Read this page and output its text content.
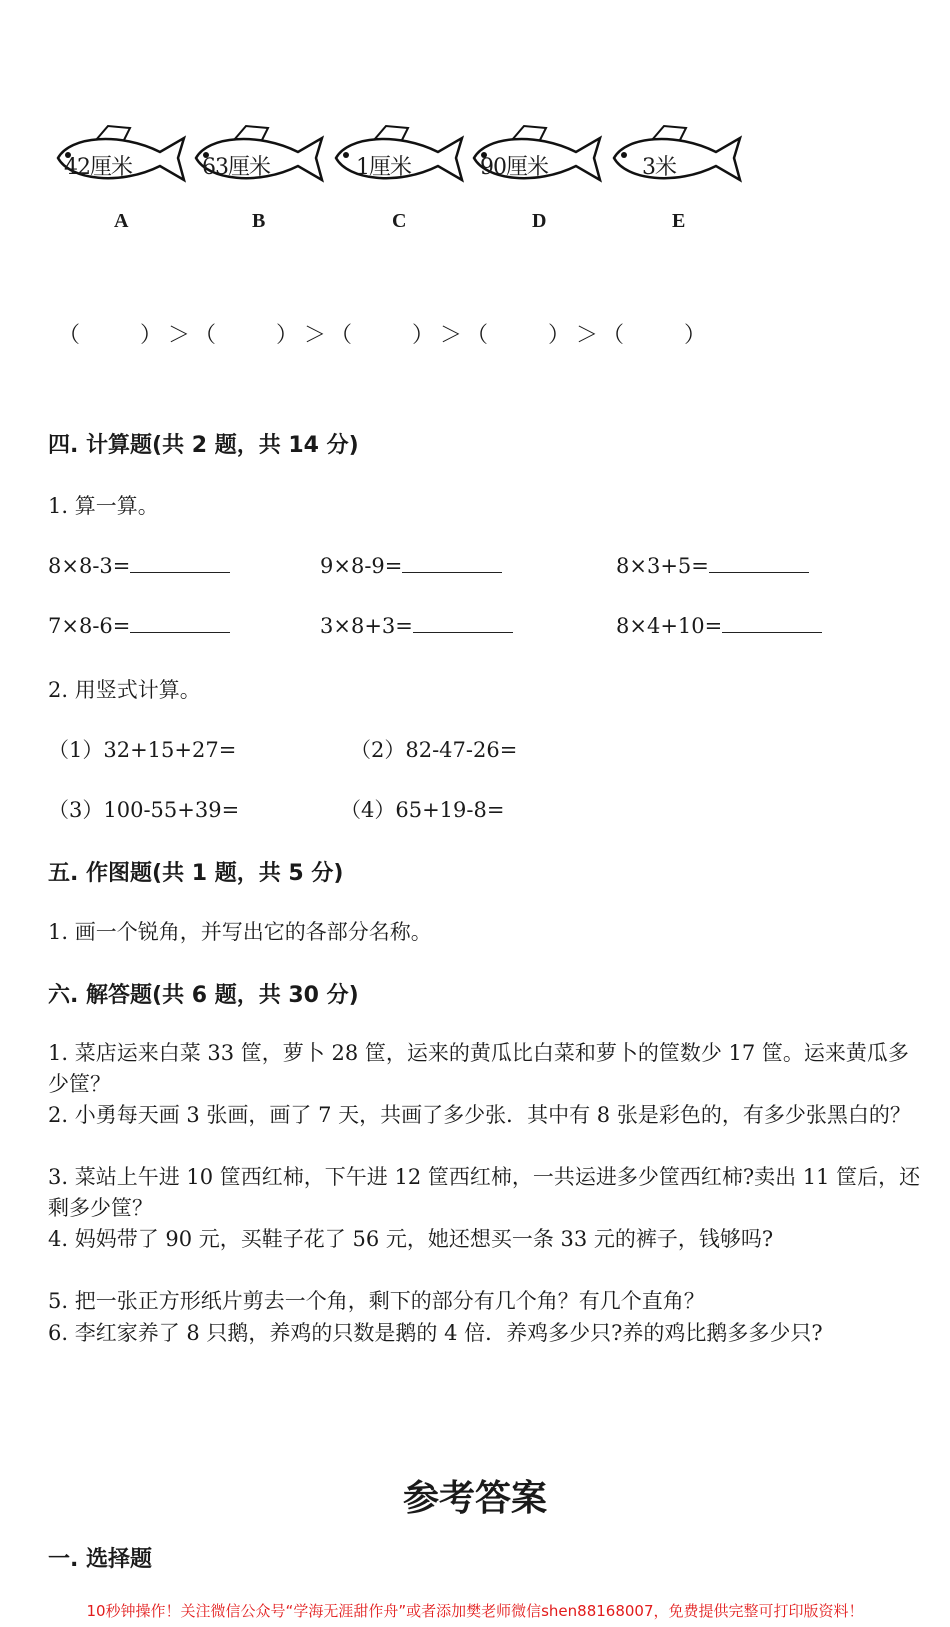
42厘米	63厘米	1厘米	90厘米	3米
A	B	C	D	E
（	） ＞ （	） ＞ （	） ＞ （	） ＞ （	）
四. 计算题(共 2 题，共 14 分)
1. 算一算。
8×8-3=	9×8-9=	8×3+5=
7×8-6=	3×8+3=	8×4+10=
2. 用竖式计算。
（1）32+15+27=	（2）82-47-26=
（3）100-55+39=	（4）65+19-8=
五. 作图题(共 1 题，共 5 分)
1. 画一个锐角，并写出它的各部分名称。
六. 解答题(共 6 题，共 30 分)
1. 菜店运来白菜 33 筐，萝卜 28 筐，运来的黄瓜比白菜和萝卜的筐数少 17 筐。运来黄瓜多少筐？
2. 小勇每天画 3 张画，画了 7 天，共画了多少张．其中有 8 张是彩色的，有多少张黑白的？
3. 菜站上午进 10 筐西红柿，下午进 12 筐西红柿，一共运进多少筐西红柿?卖出 11 筐后，还剩多少筐？
4. 妈妈带了 90 元，买鞋子花了 56 元，她还想买一条 33 元的裤子，钱够吗?
5. 把一张正方形纸片剪去一个角，剩下的部分有几个角？有几个直角？
6. 李红家养了 8 只鹅，养鸡的只数是鹅的 4 倍．养鸡多少只?养的鸡比鹅多多少只?
参考答案
一. 选择题
10秒钟操作！关注微信公众号“学海无涯甜作舟”或者添加樊老师微信shen88168007，免费提供完整可打印版资料！
